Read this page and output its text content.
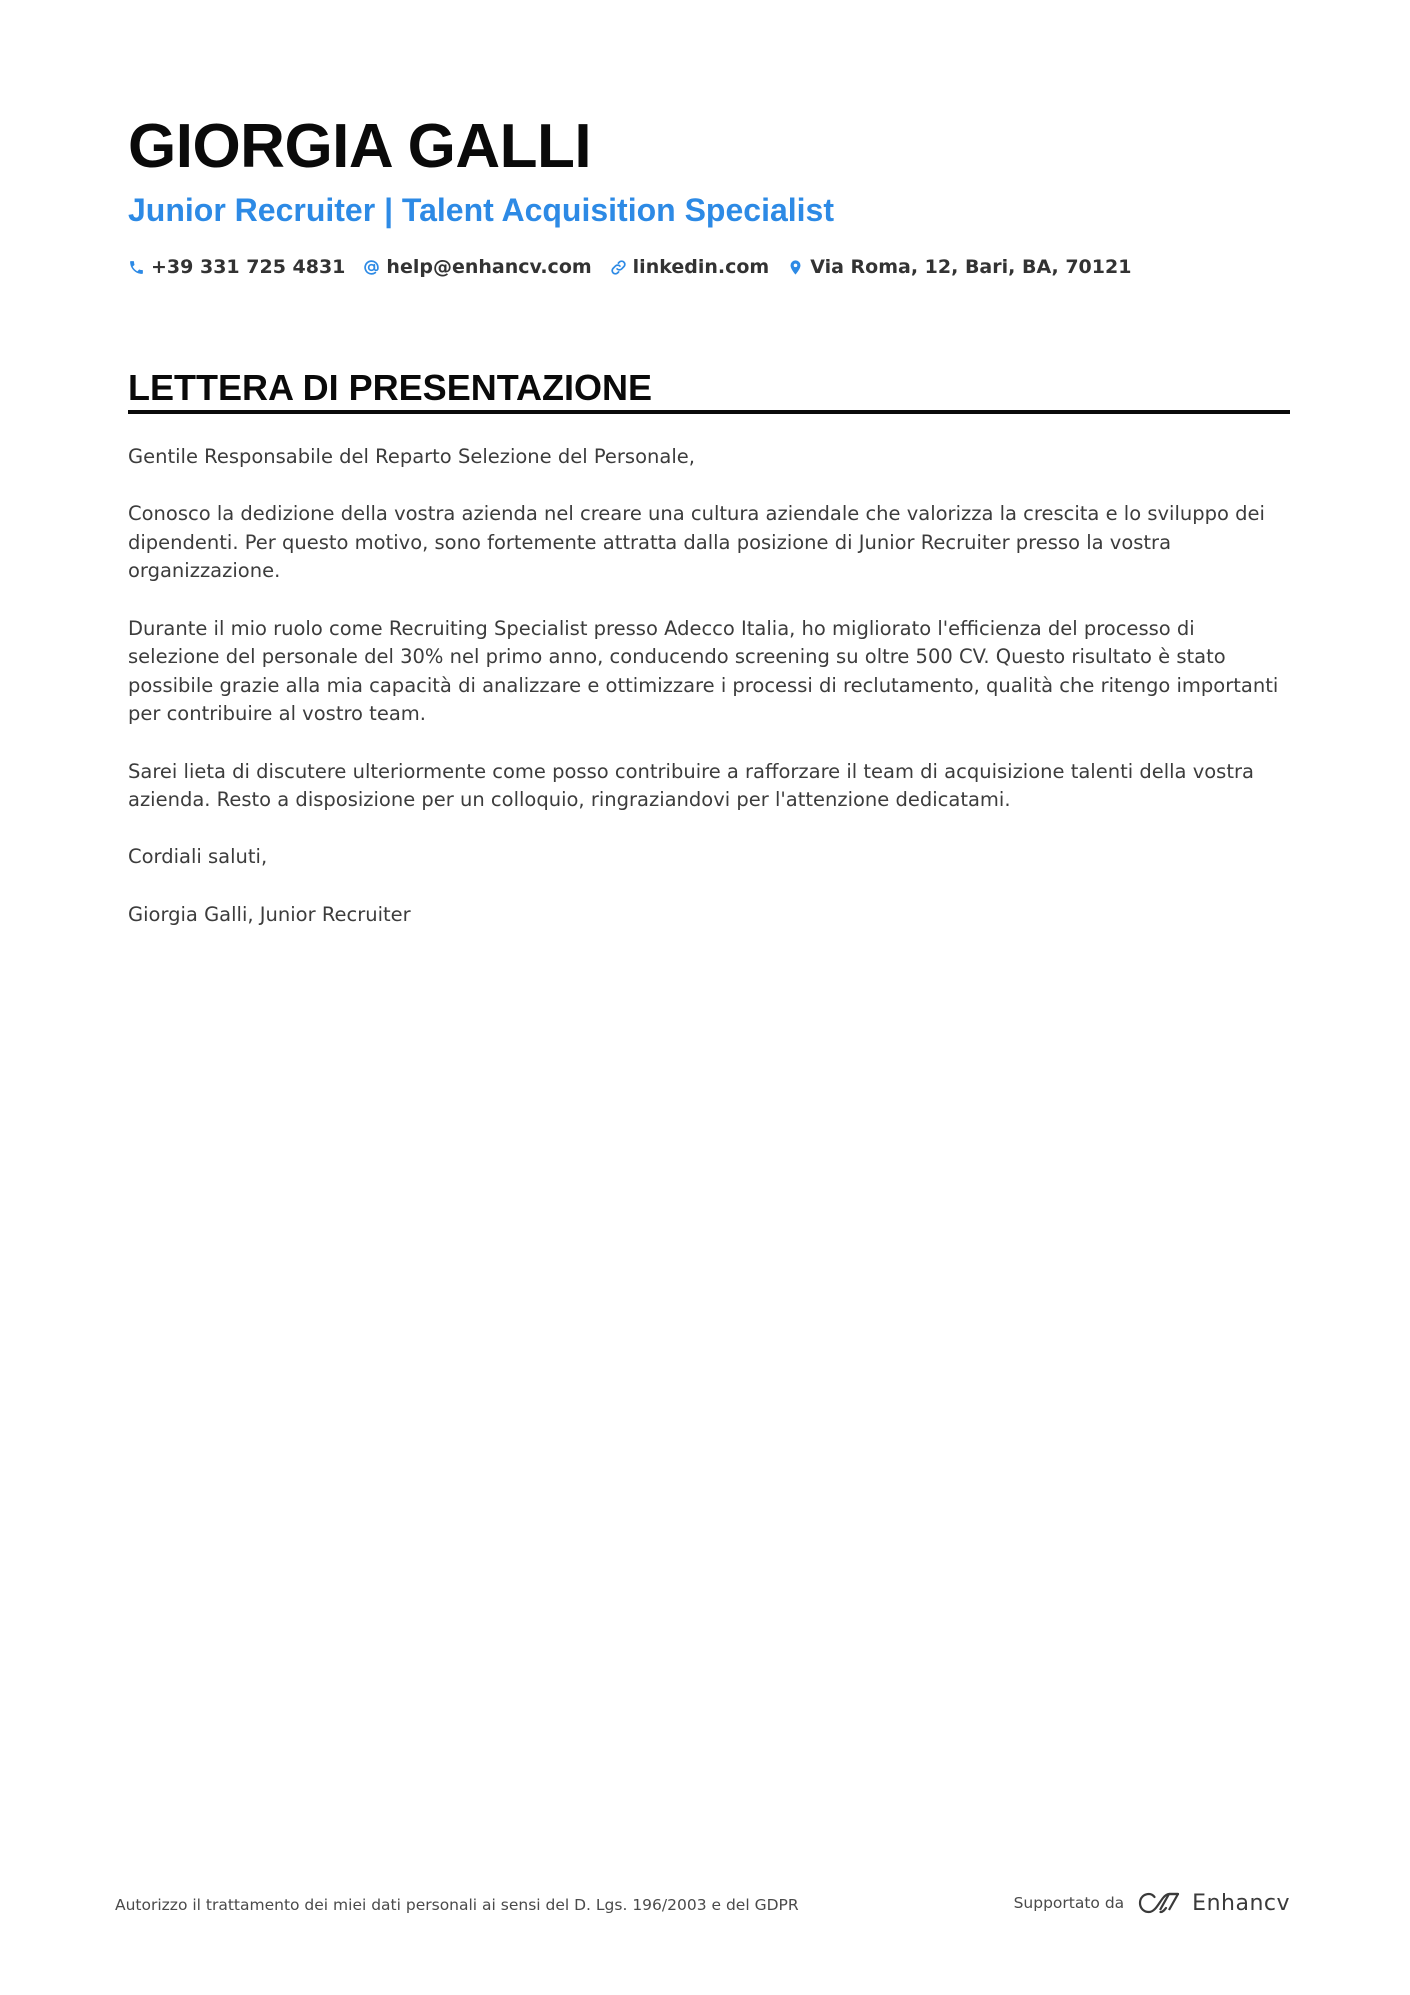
GIORGIA GALLI
Junior Recruiter | Talent Acquisition Specialist
+39 331 725 4831 help@enhancv.com linkedin.com Via Roma, 12, Bari, BA, 70121
LETTERA DI PRESENTAZIONE

Gentile Responsabile del Reparto Selezione del Personale,

Conosco la dedizione della vostra azienda nel creare una cultura aziendale che valorizza la crescita e lo sviluppo dei dipendenti. Per questo motivo, sono fortemente attratta dalla posizione di Junior Recruiter presso la vostra organizzazione.

Durante il mio ruolo come Recruiting Specialist presso Adecco Italia, ho migliorato l'efficienza del processo di selezione del personale del 30% nel primo anno, conducendo screening su oltre 500 CV. Questo risultato è stato possibile grazie alla mia capacità di analizzare e ottimizzare i processi di reclutamento, qualità che ritengo importanti per contribuire al vostro team.

Sarei lieta di discutere ulteriormente come posso contribuire a rafforzare il team di acquisizione talenti della vostra azienda. Resto a disposizione per un colloquio, ringraziandovi per l'attenzione dedicatami.

Cordiali saluti,

Giorgia Galli, Junior Recruiter

Autorizzo il trattamento dei miei dati personali ai sensi del D. Lgs. 196/2003 e del GDPR	Supportato da	Enhancv
